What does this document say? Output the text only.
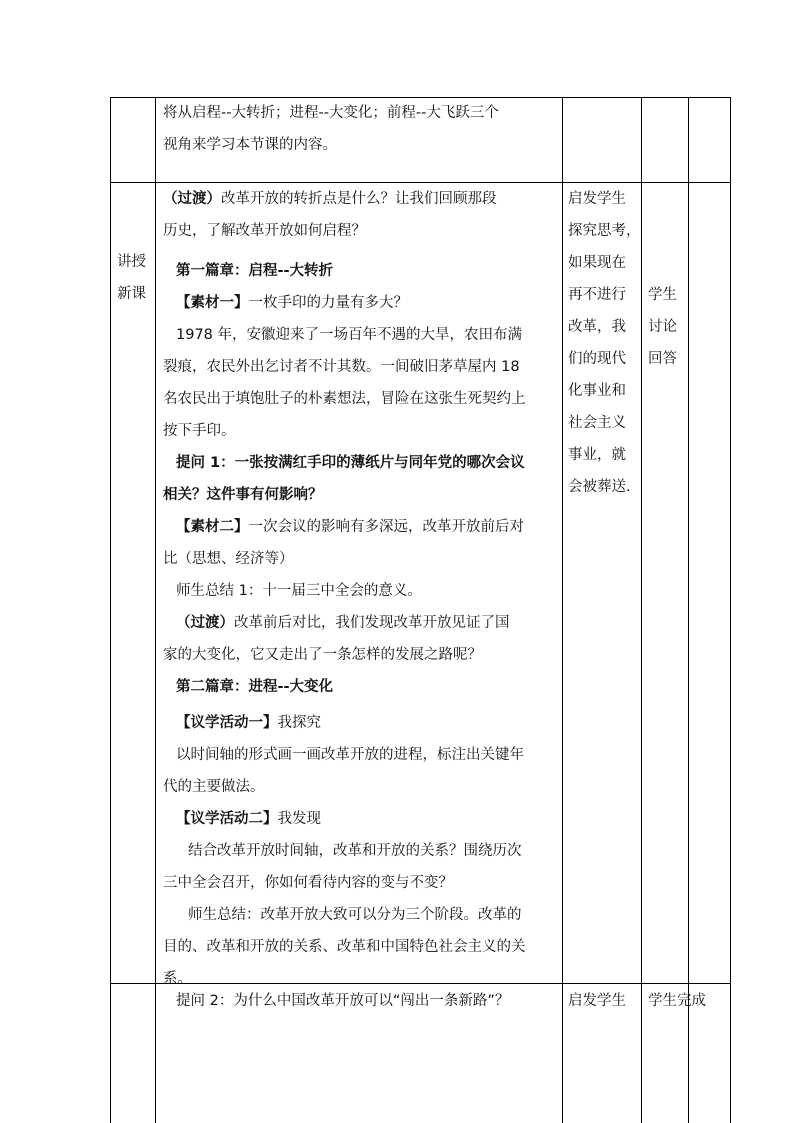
将从启程--大转折；进程--大变化；前程--大飞跃三个
视角来学习本节课的内容。
讲授
新课
（过渡）改革开放的转折点是什么？让我们回顾那段
历史，了解改革开放如何启程？
第一篇章：启程--大转折
【素材一】一枚手印的力量有多大？
1978 年，安徽迎来了一场百年不遇的大旱，农田布满
裂痕，农民外出乞讨者不计其数。一间破旧茅草屋内 18
名农民出于填饱肚子的朴素想法，冒险在这张生死契约上
按下手印。
提问 1：一张按满红手印的薄纸片与同年党的哪次会议
相关？这件事有何影响？
【素材二】一次会议的影响有多深远，改革开放前后对
比（思想、经济等）
师生总结 1：十一届三中全会的意义。
（过渡）改革前后对比，我们发现改革开放见证了国
家的大变化，它又走出了一条怎样的发展之路呢？
第二篇章：进程--大变化
【议学活动一】我探究
以时间轴的形式画一画改革开放的进程，标注出关键年
代的主要做法。
【议学活动二】我发现
结合改革开放时间轴，改革和开放的关系？围绕历次
三中全会召开，你如何看待内容的变与不变？
师生总结：改革开放大致可以分为三个阶段。改革的
目的、改革和开放的关系、改革和中国特色社会主义的关
系。
启发学生
探究思考，
如果现在
再不进行
改革，我
们的现代
化事业和
社会主义
事业，就
会被葬送.
学生
讨论
回答
提问 2：为什么中国改革开放可以“闯出一条新路”？	启发学生 学生完成
